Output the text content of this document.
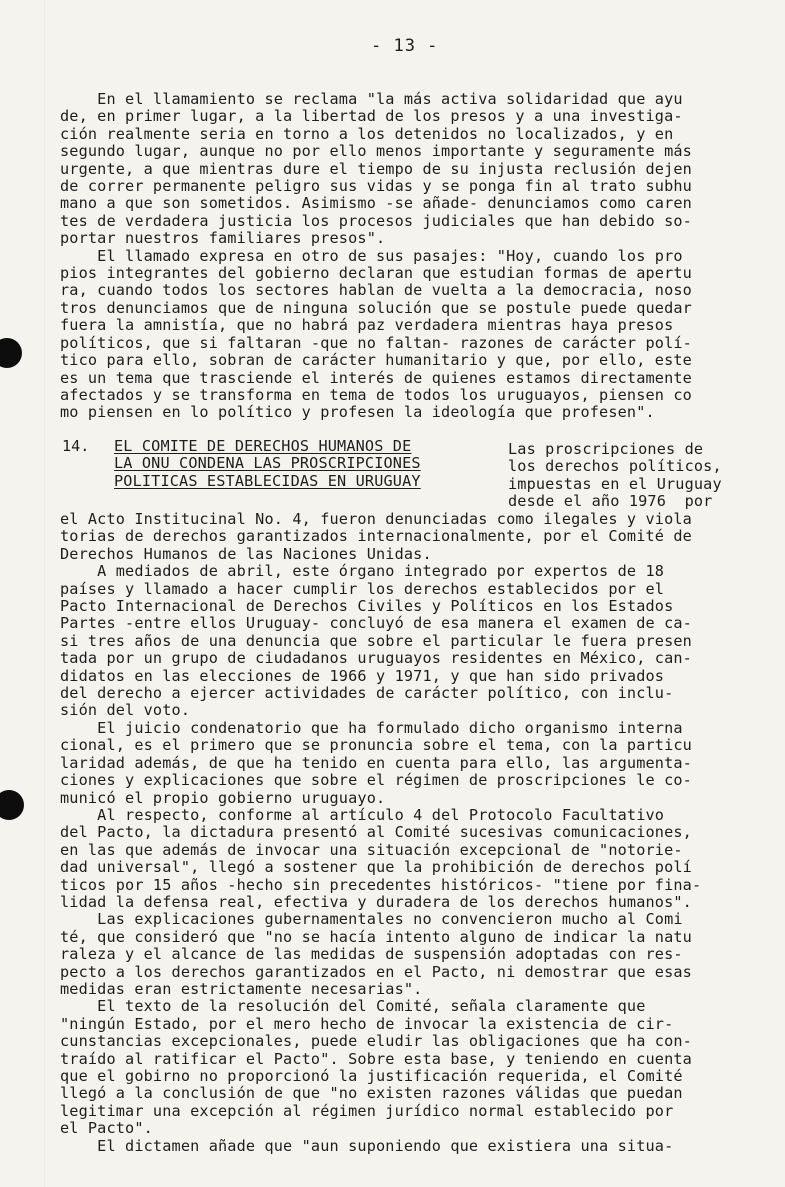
- 13 -

En el llamamiento se reclama "la más activa solidaridad que ayu

de, en primer lugar, a la libertad de los presos y a una investiga-

ción realmente seria en torno a los detenidos no localizados, y en

segundo lugar, aunque no por ello menos importante y seguramente más

urgente, a que mientras dure el tiempo de su injusta reclusión dejen

de correr permanente peligro sus vidas y se ponga fin al trato subhu

mano a que son sometidos. Asimismo -se añade- denunciamos como caren

tes de verdadera justicia los procesos judiciales que han debido so-

portar nuestros familiares presos".

El llamado expresa en otro de sus pasajes: "Hoy, cuando los pro

pios integrantes del gobierno declaran que estudian formas de apertu

ra, cuando todos los sectores hablan de vuelta a la democracia, noso

tros denunciamos que de ninguna solución que se postule puede quedar

fuera la amnistía, que no habrá paz verdadera mientras haya presos

políticos, que si faltaran -que no faltan- razones de carácter polí-

tico para ello, sobran de carácter humanitario y que, por ello, este

es un tema que trasciende el interés de quienes estamos directamente

afectados y se transforma en tema de todos los uruguayos, piensen co

mo piensen en lo político y profesen la ideología que profesen".

14. EL COMITE DE DERECHOS HUMANOS DE

LA ONU CONDENA LAS PROSCRIPCIONES

POLITICAS ESTABLECIDAS EN URUGUAY

Las proscripciones de

los derechos políticos,

impuestas en el Uruguay

desde el año 1976  por

el Acto Institucinal No. 4, fueron denunciadas como ilegales y viola

torias de derechos garantizados internacionalmente, por el Comité de

Derechos Humanos de las Naciones Unidas.

A mediados de abril, este órgano integrado por expertos de 18

países y llamado a hacer cumplir los derechos establecidos por el

Pacto Internacional de Derechos Civiles y Políticos en los Estados

Partes -entre ellos Uruguay- concluyó de esa manera el examen de ca-

si tres años de una denuncia que sobre el particular le fuera presen

tada por un grupo de ciudadanos uruguayos residentes en México, can-

didatos en las elecciones de 1966 y 1971, y que han sido privados

del derecho a ejercer actividades de carácter político, con inclu-

sión del voto.

El juicio condenatorio que ha formulado dicho organismo interna

cional, es el primero que se pronuncia sobre el tema, con la particu

laridad además, de que ha tenido en cuenta para ello, las argumenta-

ciones y explicaciones que sobre el régimen de proscripciones le co-

municó el propio gobierno uruguayo.

Al respecto, conforme al artículo 4 del Protocolo Facultativo

del Pacto, la dictadura presentó al Comité sucesivas comunicaciones,

en las que además de invocar una situación excepcional de "notorie-

dad universal", llegó a sostener que la prohibición de derechos polí

ticos por 15 años -hecho sin precedentes históricos- "tiene por fina-

lidad la defensa real, efectiva y duradera de los derechos humanos".

Las explicaciones gubernamentales no convencieron mucho al Comi

té, que consideró que "no se hacía intento alguno de indicar la natu

raleza y el alcance de las medidas de suspensión adoptadas con res-

pecto a los derechos garantizados en el Pacto, ni demostrar que esas

medidas eran estrictamente necesarias".

El texto de la resolución del Comité, señala claramente que

"ningún Estado, por el mero hecho de invocar la existencia de cir-

cunstancias excepcionales, puede eludir las obligaciones que ha con-

traído al ratificar el Pacto". Sobre esta base, y teniendo en cuenta

que el gobirno no proporcionó la justificación requerida, el Comité

llegó a la conclusión de que "no existen razones válidas que puedan

legitimar una excepción al régimen jurídico normal establecido por

el Pacto".

El dictamen añade que "aun suponiendo que existiera una situa-
